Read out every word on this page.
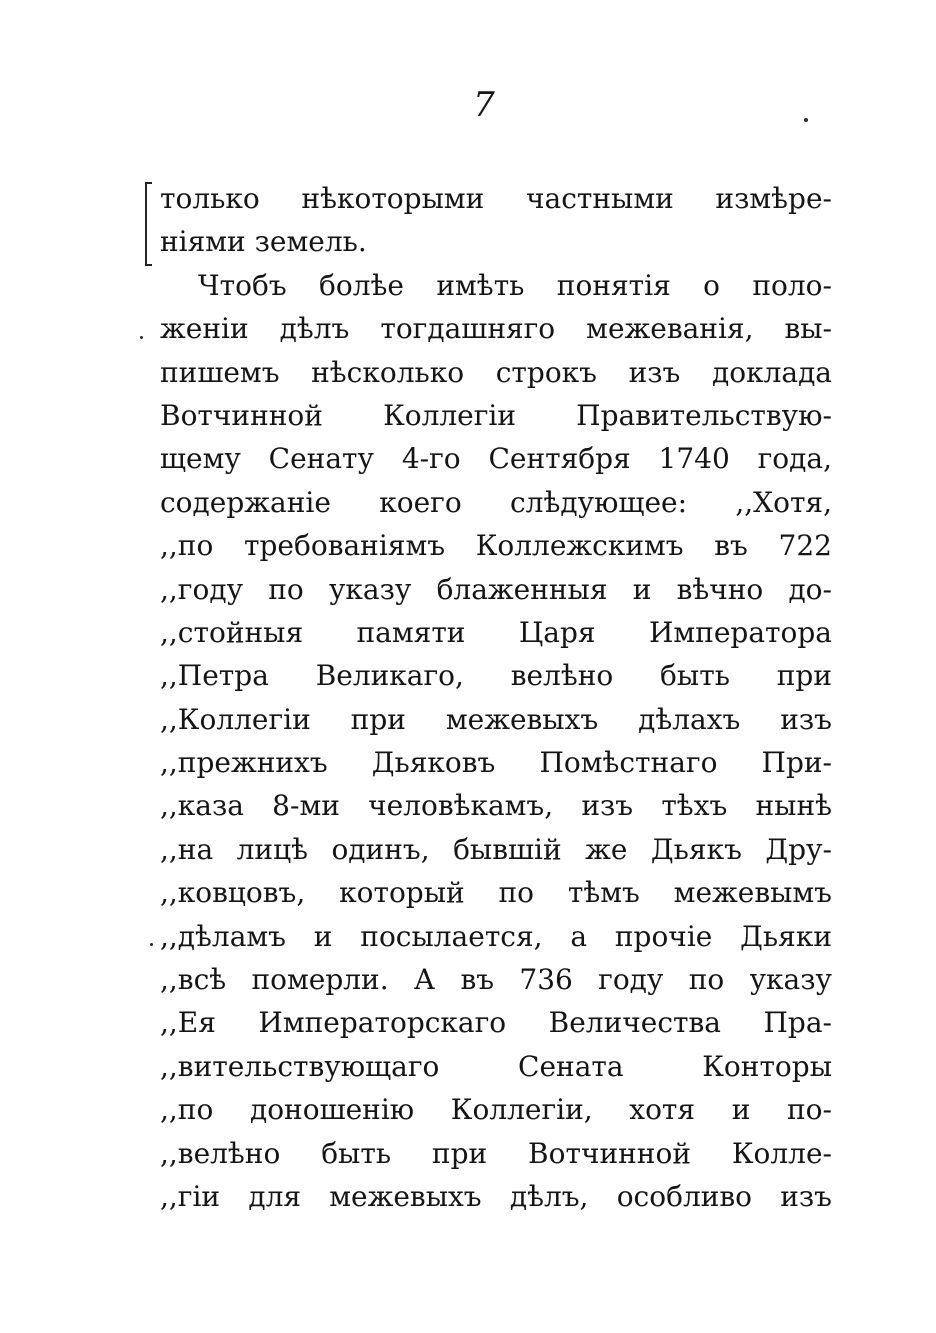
7
только нѣкоторыми частными измѣре-
ніями земель.
Чтобъ болѣе имѣть понятія о поло-
женіи дѣлъ тогдашняго межеванія, вы-
пишемъ нѣсколько строкъ изъ доклада
Вотчинной Коллегіи Правительствую-
щему Сенату 4-го Сентября 1740 года,
содержаніе коего слѣдующее: ,,Хотя,
,,по требованіямъ Коллежскимъ въ 722
,,году по указу блаженныя и вѣчно до-
,,стойныя памяти Царя Императора
,,Петра Великаго, велѣно быть при
,,Коллегіи при межевыхъ дѣлахъ изъ
,,прежнихъ Дьяковъ Помѣстнаго При-
,,каза 8-ми человѣкамъ, изъ тѣхъ нынѣ
,,на лицѣ одинъ, бывшій же Дьякъ Дру-
,,ковцовъ, который по тѣмъ межевымъ
,,дѣламъ и посылается, а прочіе Дьяки
,,всѣ померли. А въ 736 году по указу
,,Ея Императорскаго Величества Пра-
,,вительствующаго Сената Конторы
,,по доношенію Коллегіи, хотя и по-
,,велѣно быть при Вотчинной Колле-
,,гіи для межевыхъ дѣлъ, особливо изъ
